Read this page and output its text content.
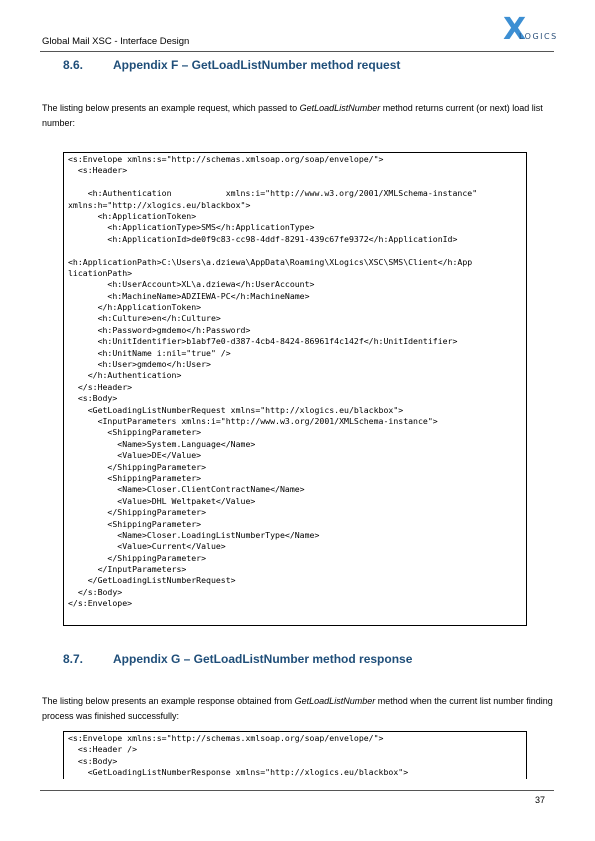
Global Mail XSC - Interface Design	X
LOGICS
8.6. Appendix F – GetLoadListNumber method request
The listing below presents an example request, which passed to GetLoadListNumber method returns current (or next) load list number:
<s:Envelope xmlns:s="http://schemas.xmlsoap.org/soap/envelope/">
<s:Header>
<h:Authentication           xmlns:i="http://www.w3.org/2001/XMLSchema-instance"
xmlns:h="http://xlogics.eu/blackbox">
<h:ApplicationToken>
<h:ApplicationType>SMS</h:ApplicationType>
<h:ApplicationId>de0f9c83-cc98-4ddf-8291-439c67fe9372</h:ApplicationId>
<h:ApplicationPath>C:\Users\a.dziewa\AppData\Roaming\XLogics\XSC\SMS\Client</h:App
licationPath>
<h:UserAccount>XL\a.dziewa</h:UserAccount>
<h:MachineName>ADZIEWA-PC</h:MachineName>
</h:ApplicationToken>
<h:Culture>en</h:Culture>
<h:Password>gmdemo</h:Password>
<h:UnitIdentifier>b1abf7e0-d387-4cb4-8424-86961f4c142f</h:UnitIdentifier>
<h:UnitName i:nil="true" />
<h:User>gmdemo</h:User>
</h:Authentication>
</s:Header>
<s:Body>
<GetLoadingListNumberRequest xmlns="http://xlogics.eu/blackbox">
<InputParameters xmlns:i="http://www.w3.org/2001/XMLSchema-instance">
<ShippingParameter>
<Name>System.Language</Name>
<Value>DE</Value>
</ShippingParameter>
<ShippingParameter>
<Name>Closer.ClientContractName</Name>
<Value>DHL Weltpaket</Value>
</ShippingParameter>
<ShippingParameter>
<Name>Closer.LoadingListNumberType</Name>
<Value>Current</Value>
</ShippingParameter>
</InputParameters>
</GetLoadingListNumberRequest>
</s:Body>
</s:Envelope>
8.7. Appendix G – GetLoadListNumber method response
The listing below presents an example response obtained from GetLoadListNumber method when the current list number finding process was finished successfully:
<s:Envelope xmlns:s="http://schemas.xmlsoap.org/soap/envelope/">
<s:Header />
<s:Body>
<GetLoadingListNumberResponse xmlns="http://xlogics.eu/blackbox">
37
